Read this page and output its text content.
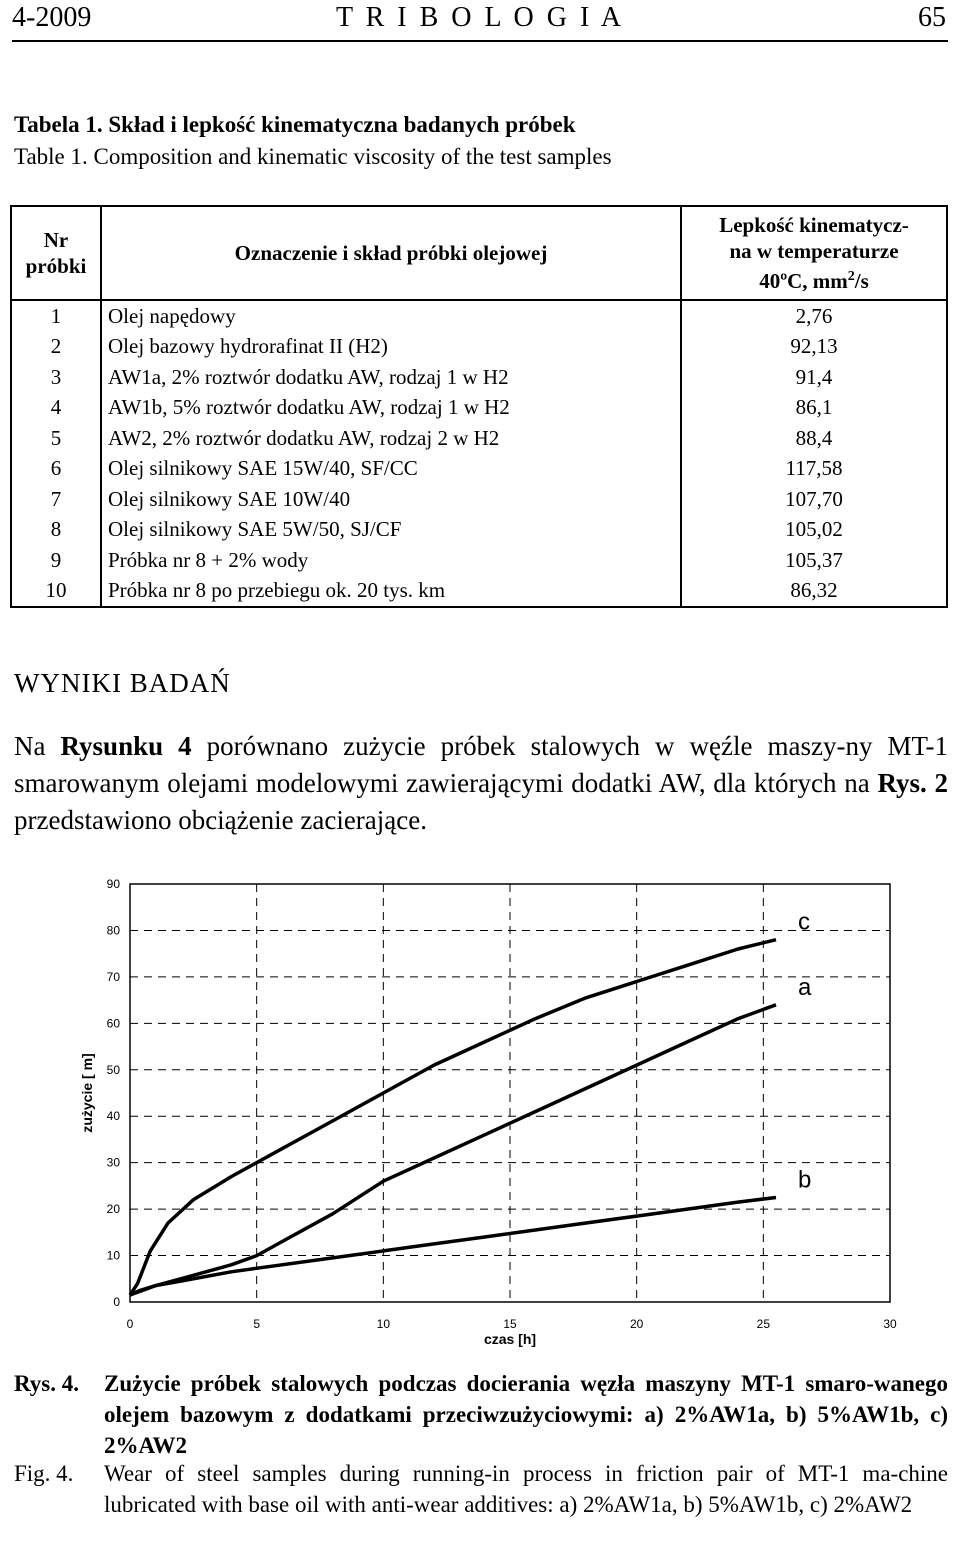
4-2009	T R I B O L O G I A	65
Tabela 1. Skład i lepkość kinematyczna badanych próbek
Table 1. Composition and kinematic viscosity of the test samples
Nr próbki	Oznaczenie i skład próbki olejowej	Lepkość kinematycz-
na w temperaturze
40ºC, $mm^2/s$
1	Olej napędowy	2,76
2	Olej bazowy hydrorafinat II (H2)	92,13
3	AW1a, 2% roztwór dodatku AW, rodzaj 1 w H2	91,4
4	AW1b, 5% roztwór dodatku AW, rodzaj 1 w H2	86,1
5	AW2, 2% roztwór dodatku AW, rodzaj 2 w H2	88,4
6	Olej silnikowy SAE 15W/40, SF/CC	117,58
7	Olej silnikowy SAE 10W/40	107,70
8	Olej silnikowy SAE 5W/50, SJ/CF	105,02
9	Próbka nr 8 + 2% wody	105,37
10	Próbka nr 8 po przebiegu ok. 20 tys. km	86,32
WYNIKI BADAŃ
Na Rysunku 4 porównano zużycie próbek stalowych w węźle maszy-ny MT-1 smarowanym olejami modelowymi zawierającymi dodatki AW, dla których na Rys. 2 przedstawiono obciążenie zacierające.
0
10
20
30
40
50
60
70
80
90
0	5	10	15	20	25	30
c
a
b
czas [h]
zużycie [ m]
Rys. 4. Zużycie próbek stalowych podczas docierania węzła maszyny MT-1 smaro-wanego olejem bazowym z dodatkami przeciwzużyciowymi: a) 2%AW1a, b) 5%AW1b, c) 2%AW2
Fig. 4. Wear of steel samples during running-in process in friction pair of MT-1 ma-chine lubricated with base oil with anti-wear additives: a) 2%AW1a, b) 5%AW1b, c) 2%AW2
